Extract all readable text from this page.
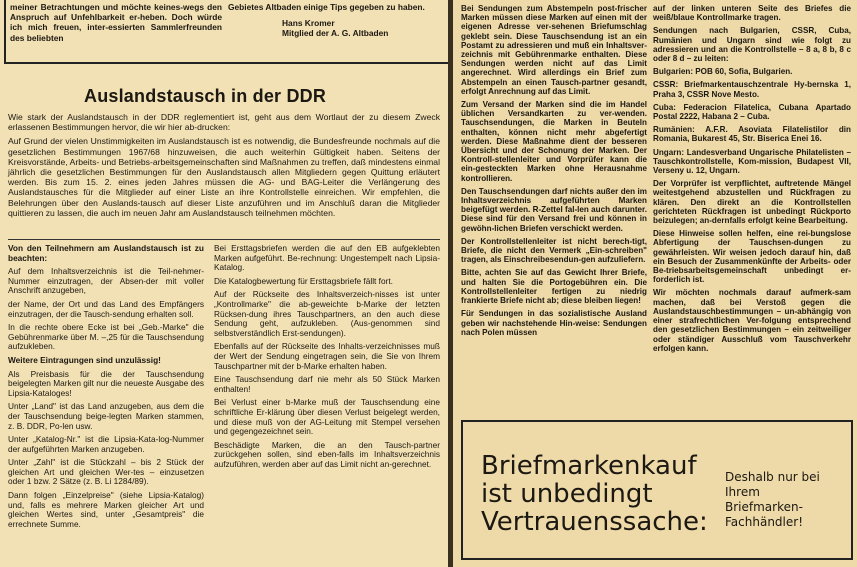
meiner Betrachtungen und möchte keines-wegs den Anspruch auf Unfehlbarkeit er-heben. Doch würde ich mich freuen, inter-essierten Sammlerfreunden des beliebten
Gebietes Altbaden einige Tips gegeben zu haben.
Hans Kromer
Mitglied der A. G. Altbaden
Auslandstausch in der DDR

Wie stark der Auslandstausch in der DDR reglementiert ist, geht aus dem Wortlaut der zu diesem Zweck erlassenen Bestimmungen hervor, die wir hier ab-drucken:

Auf Grund der vielen Unstimmigkeiten im Auslandstausch ist es notwendig, die Bundesfreunde nochmals auf die gesetzlichen Bestimmungen 1967/68 hinzuweisen, die auch weiterhin Gültigkeit haben. Seitens der Kreisvorstände, Arbeits- und Betriebs-arbeitsgemeinschaften sind Maßnahmen zu treffen, daß mindestens einmal jährlich die gesetzlichen Bestimmungen für den Auslandstausch allen Mitgliedern gegen Quittung erläutert werden. Bis zum 15. 2. eines jeden Jahres müssen die AG- und BAG-Leiter die Verlängerung des Auslandstausches für die Mitglieder auf einer Liste an ihre Kontrollstelle einreichen. Wir empfehlen, die Belehrungen über den Auslands-tausch auf dieser Liste anzuführen und im Anschluß daran die Mitglieder quittieren zu lassen, die auch im neuen Jahr am Auslandstausch teilnehmen möchten.

Von den Teilnehmern am Auslandstausch ist zu beachten:

Auf dem Inhaltsverzeichnis ist die Teil-nehmer-Nummer einzutragen, der Absen-der mit voller Anschrift anzugeben,

der Name, der Ort und das Land des Empfängers einzutragen, der die Tausch-sendung erhalten soll.

In die rechte obere Ecke ist bei „Geb.-Marke" die Gebührenmarke über M. –,25 für die Tauschsendung aufzukleben.

Weitere Eintragungen sind unzulässig!

Als Preisbasis für die der Tauschsendung beigelegten Marken gilt nur die neueste Ausgabe des Lipsia-Kataloges!

Unter „Land" ist das Land anzugeben, aus dem die der Tauschsendung beige-legten Marken stammen, z. B. DDR, Po-len usw.

Unter „Katalog-Nr." ist die Lipsia-Kata-log-Nummer der aufgeführten Marken anzugeben.

Unter „Zahl" ist die Stückzahl – bis 2 Stück der gleichen Art und gleichen Wer-tes – einzusetzen oder 1 bzw. 2 Sätze (z. B. Li 1284/89).

Dann folgen „Einzelpreise" (siehe Lipsia-Katalog) und, falls es mehrere Marken gleicher Art und gleichen Wertes sind, unter „Gesamtpreis" die errechnete Summe.

Bei Ersttagsbriefen werden die auf den EB aufgeklebten Marken aufgeführt. Be-rechnung: Ungestempelt nach Lipsia-Katalog.

Die Katalogbewertung für Ersttagsbriefe fällt fort.

Auf der Rückseite des Inhaltsverzeich-nisses ist unter „Kontrollmarke" die ab-geweichte b-Marke der letzten Rücksen-dung ihres Tauschpartners, an den auch diese Sendung geht, aufzukleben. (Aus-genommen sind selbstverständlich Erst-sendungen).

Ebenfalls auf der Rückseite des Inhalts-verzeichnisses muß der Wert der Sendung eingetragen sein, die Sie von Ihrem Tauschpartner mit der b-Marke erhalten haben.

Eine Tauschsendung darf nie mehr als 50 Stück Marken enthalten!

Bei Verlust einer b-Marke muß der Tauschsendung eine schriftliche Er-klärung über diesen Verlust beigelegt werden, und diese muß von der AG-Leitung mit Stempel versehen und gegengezeichnet sein.

Beschädigte Marken, die an den Tausch-partner zurückgehen sollen, sind eben-falls im Inhaltsverzeichnis aufzuführen, werden aber auf das Limit nicht an-gerechnet.

Bei Sendungen zum Abstempeln post-frischer Marken müssen diese Marken auf einen mit der eigenen Adresse ver-sehenen Briefumschlag geklebt sein. Diese Tauschsendung ist an ein Postamt zu adressieren und muß ein Inhaltsver-zeichnis mit Gebührenmarke enthalten. Diese Sendungen werden nicht auf das Limit angerechnet. Wird allerdings ein Brief zum Abstempeln an einen Tausch-partner gesandt, erfolgt Anrechnung auf das Limit.

Zum Versand der Marken sind die im Handel üblichen Versandkarten zu ver-wenden. Tauschsendungen, die Marken in Beuteln enthalten, können nicht mehr abgefertigt werden. Diese Maßnahme dient der besseren Übersicht und der Schonung der Marken. Der Kontroll-stellenleiter und Vorprüfer kann die ein-gesteckten Marken ohne Herausnahme kontrollieren.

Den Tauschsendungen darf nichts außer den im Inhaltsverzeichnis aufgeführten Marken beigefügt werden. R-Zettel fal-len auch darunter. Diese sind für den Versand frei und können in gewöhn-lichen Briefen verschickt werden.

Der Kontrollstellenleiter ist nicht berech-tigt, Briefe, die nicht den Vermerk „Ein-schreiben" tragen, als Einschreibesendun-gen aufzuliefern.

Bitte, achten Sie auf das Gewicht Ihrer Briefe, und halten Sie die Portogebühren ein. Die Kontrollstellenleiter fertigen zu niedrig frankierte Briefe nicht ab; diese bleiben liegen!

Für Sendungen in das sozialistische Ausland geben wir nachstehende Hin-weise: Sendungen nach Polen müssen

auf der linken unteren Seite des Briefes die weiß/blaue Kontrollmarke tragen.

Sendungen nach Bulgarien, CSSR, Cuba, Rumänien und Ungarn sind wie folgt zu adressieren und an die Kontrollstelle – 8 a, 8 b, 8 c oder 8 d – zu leiten:

Bulgarien: POB 60, Sofia, Bulgarien.

CSSR: Briefmarkentauschzentrale Hy-bernska 1, Praha 3, CSSR Nove Mesto.

Cuba: Federacion Filatelica, Cubana Apartado Postal 2222, Habana 2 – Cuba.

Rumänien: A.F.R. Asoviata Filatelistilor din Romania, Bukarest 45, Str. Biserica Enei 16.

Ungarn: Landesverband Ungarische Philatelisten – Tauschkontrollstelle, Kom-mission, Budapest VII, Verseny u. 12, Ungarn.

Der Vorprüfer ist verpflichtet, auftretende Mängel weitestgehend abzustellen und Rückfragen zu klären. Den direkt an die Kontrollstellen gerichteten Rückfragen ist unbedingt Rückporto beizulegen; an-dernfalls erfolgt keine Bearbeitung.

Diese Hinweise sollen helfen, eine rei-bungslose Abfertigung der Tauschsen-dungen zu gewährleisten. Wir weisen jedoch darauf hin, daß ein Besuch der Zusammenkünfte der Arbeits- oder Be-triebsarbeitsgemeinschaft unbedingt er-forderlich ist.

Wir möchten nochmals darauf aufmerk-sam machen, daß bei Verstoß gegen die Auslandstauschbestimmungen – un-abhängig von einer strafrechtlichen Ver-folgung entsprechend den gesetzlichen Bestimmungen – ein zeitweiliger oder ständiger Ausschluß vom Tauschverkehr erfolgen kann.

Briefmarkenkauf
ist unbedingt
Vertrauenssache:
Deshalb nur bei
Ihrem
Briefmarken-
Fachhändler!
